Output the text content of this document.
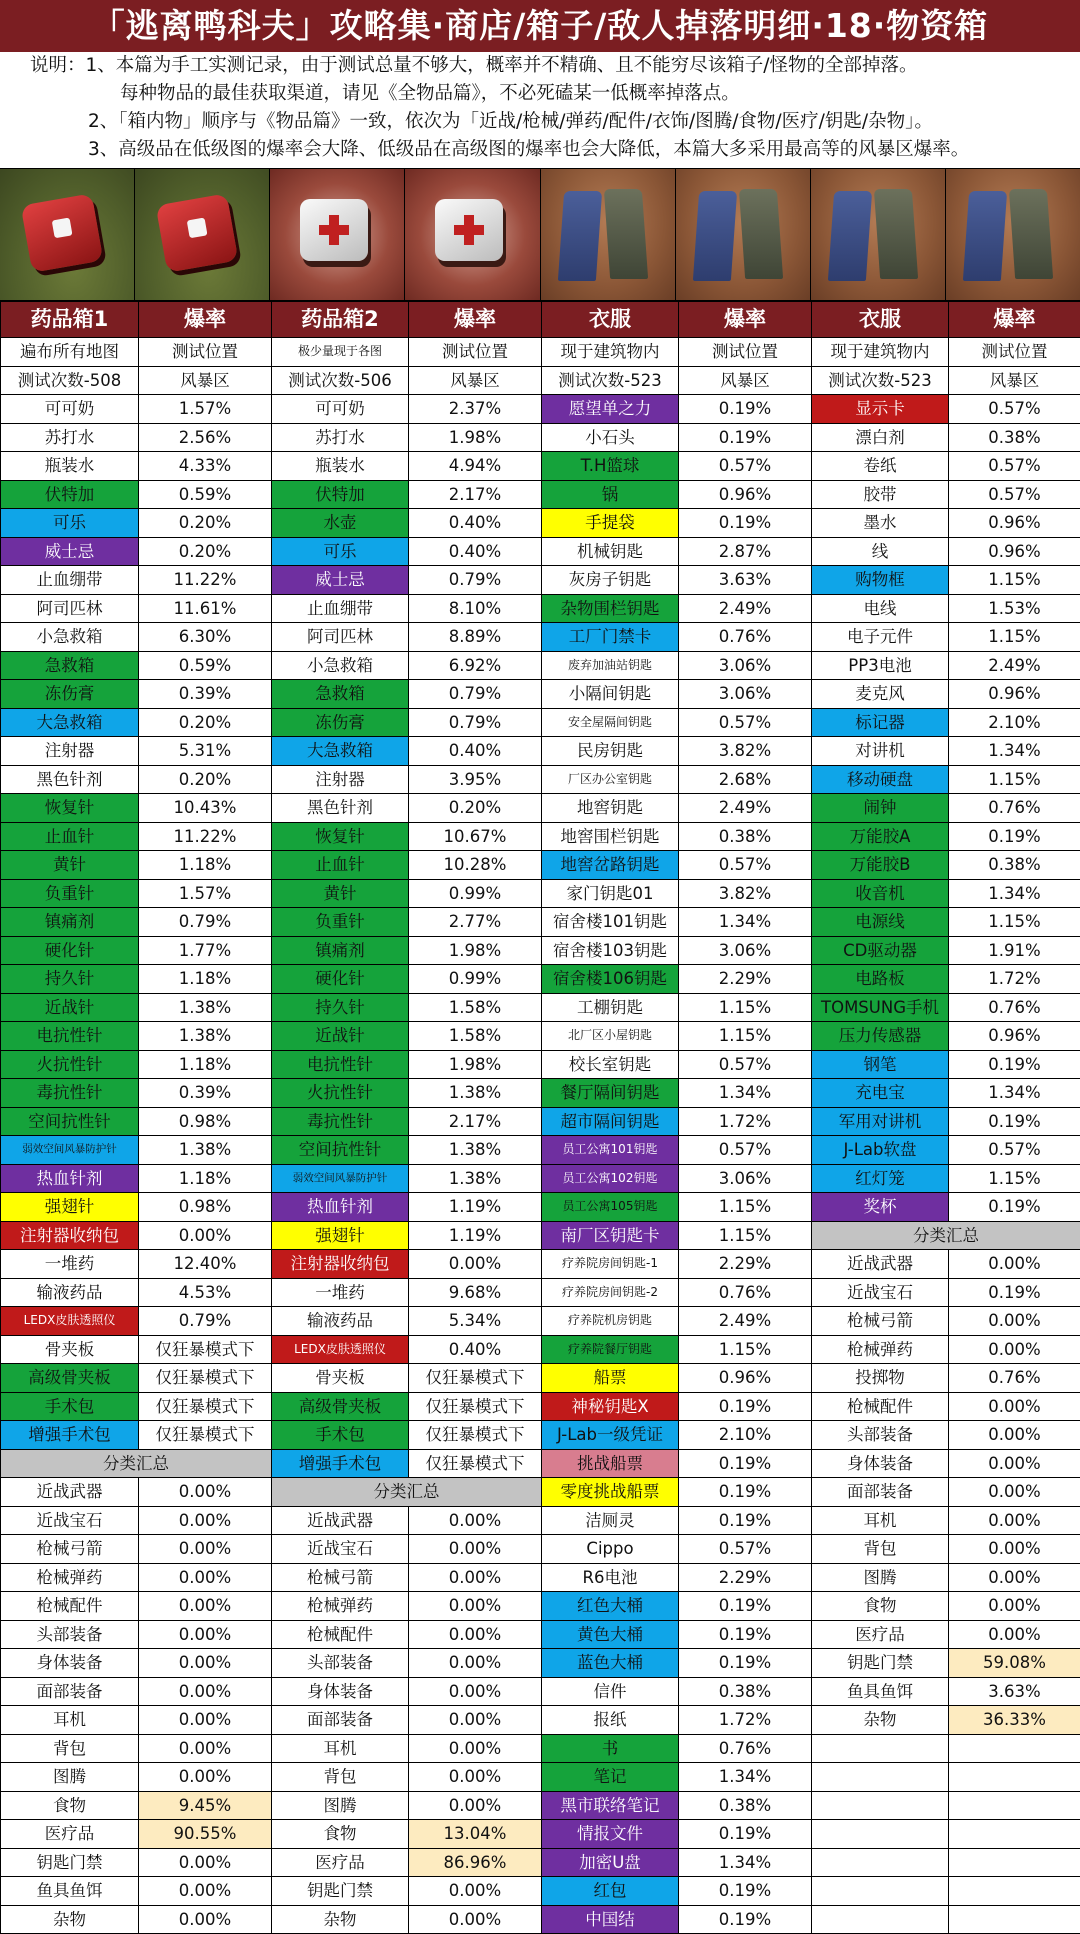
「逃离鸭科夫」攻略集·商店/箱子/敌人掉落明细·18·物资箱
说明：1、本篇为手工实测记录，由于测试总量不够大，概率并不精确、且不能穷尽该箱子/怪物的全部掉落。
每种物品的最佳获取渠道，请见《全物品篇》，不必死磕某一低概率掉落点。
2、「箱内物」顺序与《物品篇》一致，依次为「近战/枪械/弹药/配件/衣饰/图腾/食物/医疗/钥匙/杂物」。
3、高级品在低级图的爆率会大降、低级品在高级图的爆率也会大降低，本篇大多采用最高等的风暴区爆率。
药品箱1	爆率	药品箱2	爆率	衣服	爆率	衣服	爆率
遍布所有地图	测试位置	极少量现于各图	测试位置	现于建筑物内	测试位置	现于建筑物内	测试位置
测试次数-508	风暴区	测试次数-506	风暴区	测试次数-523	风暴区	测试次数-523	风暴区
可可奶	1.57%	可可奶	2.37%	愿望单之力	0.19%	显示卡	0.57%
苏打水	2.56%	苏打水	1.98%	小石头	0.19%	漂白剂	0.38%
瓶装水	4.33%	瓶装水	4.94%	T.H篮球	0.57%	卷纸	0.57%
伏特加	0.59%	伏特加	2.17%	锅	0.96%	胶带	0.57%
可乐	0.20%	水壶	0.40%	手提袋	0.19%	墨水	0.96%
威士忌	0.20%	可乐	0.40%	机械钥匙	2.87%	线	0.96%
止血绷带	11.22%	威士忌	0.79%	灰房子钥匙	3.63%	购物框	1.15%
阿司匹林	11.61%	止血绷带	8.10%	杂物围栏钥匙	2.49%	电线	1.53%
小急救箱	6.30%	阿司匹林	8.89%	工厂门禁卡	0.76%	电子元件	1.15%
急救箱	0.59%	小急救箱	6.92%	废弃加油站钥匙	3.06%	PP3电池	2.49%
冻伤膏	0.39%	急救箱	0.79%	小隔间钥匙	3.06%	麦克风	0.96%
大急救箱	0.20%	冻伤膏	0.79%	安全屋隔间钥匙	0.57%	标记器	2.10%
注射器	5.31%	大急救箱	0.40%	民房钥匙	3.82%	对讲机	1.34%
黑色针剂	0.20%	注射器	3.95%	厂区办公室钥匙	2.68%	移动硬盘	1.15%
恢复针	10.43%	黑色针剂	0.20%	地窖钥匙	2.49%	闹钟	0.76%
止血针	11.22%	恢复针	10.67%	地窖围栏钥匙	0.38%	万能胶A	0.19%
黄针	1.18%	止血针	10.28%	地窖岔路钥匙	0.57%	万能胶B	0.38%
负重针	1.57%	黄针	0.99%	家门钥匙01	3.82%	收音机	1.34%
镇痛剂	0.79%	负重针	2.77%	宿舍楼101钥匙	1.34%	电源线	1.15%
硬化针	1.77%	镇痛剂	1.98%	宿舍楼103钥匙	3.06%	CD驱动器	1.91%
持久针	1.18%	硬化针	0.99%	宿舍楼106钥匙	2.29%	电路板	1.72%
近战针	1.38%	持久针	1.58%	工棚钥匙	1.15%	TOMSUNG手机	0.76%
电抗性针	1.38%	近战针	1.58%	北厂区小屋钥匙	1.15%	压力传感器	0.96%
火抗性针	1.18%	电抗性针	1.98%	校长室钥匙	0.57%	钢笔	0.19%
毒抗性针	0.39%	火抗性针	1.38%	餐厅隔间钥匙	1.34%	充电宝	1.34%
空间抗性针	0.98%	毒抗性针	2.17%	超市隔间钥匙	1.72%	军用对讲机	0.19%
弱效空间风暴防护针	1.38%	空间抗性针	1.38%	员工公寓101钥匙	0.57%	J-Lab软盘	0.57%
热血针剂	1.18%	弱效空间风暴防护针	1.38%	员工公寓102钥匙	3.06%	红灯笼	1.15%
强翅针	0.98%	热血针剂	1.19%	员工公寓105钥匙	1.15%	奖杯	0.19%
注射器收纳包	0.00%	强翅针	1.19%	南厂区钥匙卡	1.15%	分类汇总	
一堆药	12.40%	注射器收纳包	0.00%	疗养院房间钥匙-1	2.29%	近战武器	0.00%
输液药品	4.53%	一堆药	9.68%	疗养院房间钥匙-2	0.76%	近战宝石	0.19%
LEDX皮肤透照仪	0.79%	输液药品	5.34%	疗养院机房钥匙	2.49%	枪械弓箭	0.00%
骨夹板	仅狂暴模式下	LEDX皮肤透照仪	0.40%	疗养院餐厅钥匙	1.15%	枪械弹药	0.00%
高级骨夹板	仅狂暴模式下	骨夹板	仅狂暴模式下	船票	0.96%	投掷物	0.76%
手术包	仅狂暴模式下	高级骨夹板	仅狂暴模式下	神秘钥匙X	0.19%	枪械配件	0.00%
增强手术包	仅狂暴模式下	手术包	仅狂暴模式下	J-Lab一级凭证	2.10%	头部装备	0.00%
分类汇总		增强手术包	仅狂暴模式下	挑战船票	0.19%	身体装备	0.00%
近战武器	0.00%	分类汇总		零度挑战船票	0.19%	面部装备	0.00%
近战宝石	0.00%	近战武器	0.00%	洁厕灵	0.19%	耳机	0.00%
枪械弓箭	0.00%	近战宝石	0.00%	Cippo	0.57%	背包	0.00%
枪械弹药	0.00%	枪械弓箭	0.00%	R6电池	2.29%	图腾	0.00%
枪械配件	0.00%	枪械弹药	0.00%	红色大桶	0.19%	食物	0.00%
头部装备	0.00%	枪械配件	0.00%	黄色大桶	0.19%	医疗品	0.00%
身体装备	0.00%	头部装备	0.00%	蓝色大桶	0.19%	钥匙门禁	59.08%
面部装备	0.00%	身体装备	0.00%	信件	0.38%	鱼具鱼饵	3.63%
耳机	0.00%	面部装备	0.00%	报纸	1.72%	杂物	36.33%
背包	0.00%	耳机	0.00%	书	0.76%		
图腾	0.00%	背包	0.00%	笔记	1.34%		
食物	9.45%	图腾	0.00%	黑市联络笔记	0.38%		
医疗品	90.55%	食物	13.04%	情报文件	0.19%		
钥匙门禁	0.00%	医疗品	86.96%	加密U盘	1.34%		
鱼具鱼饵	0.00%	钥匙门禁	0.00%	红包	0.19%		
杂物	0.00%	杂物	0.00%	中国结	0.19%		
